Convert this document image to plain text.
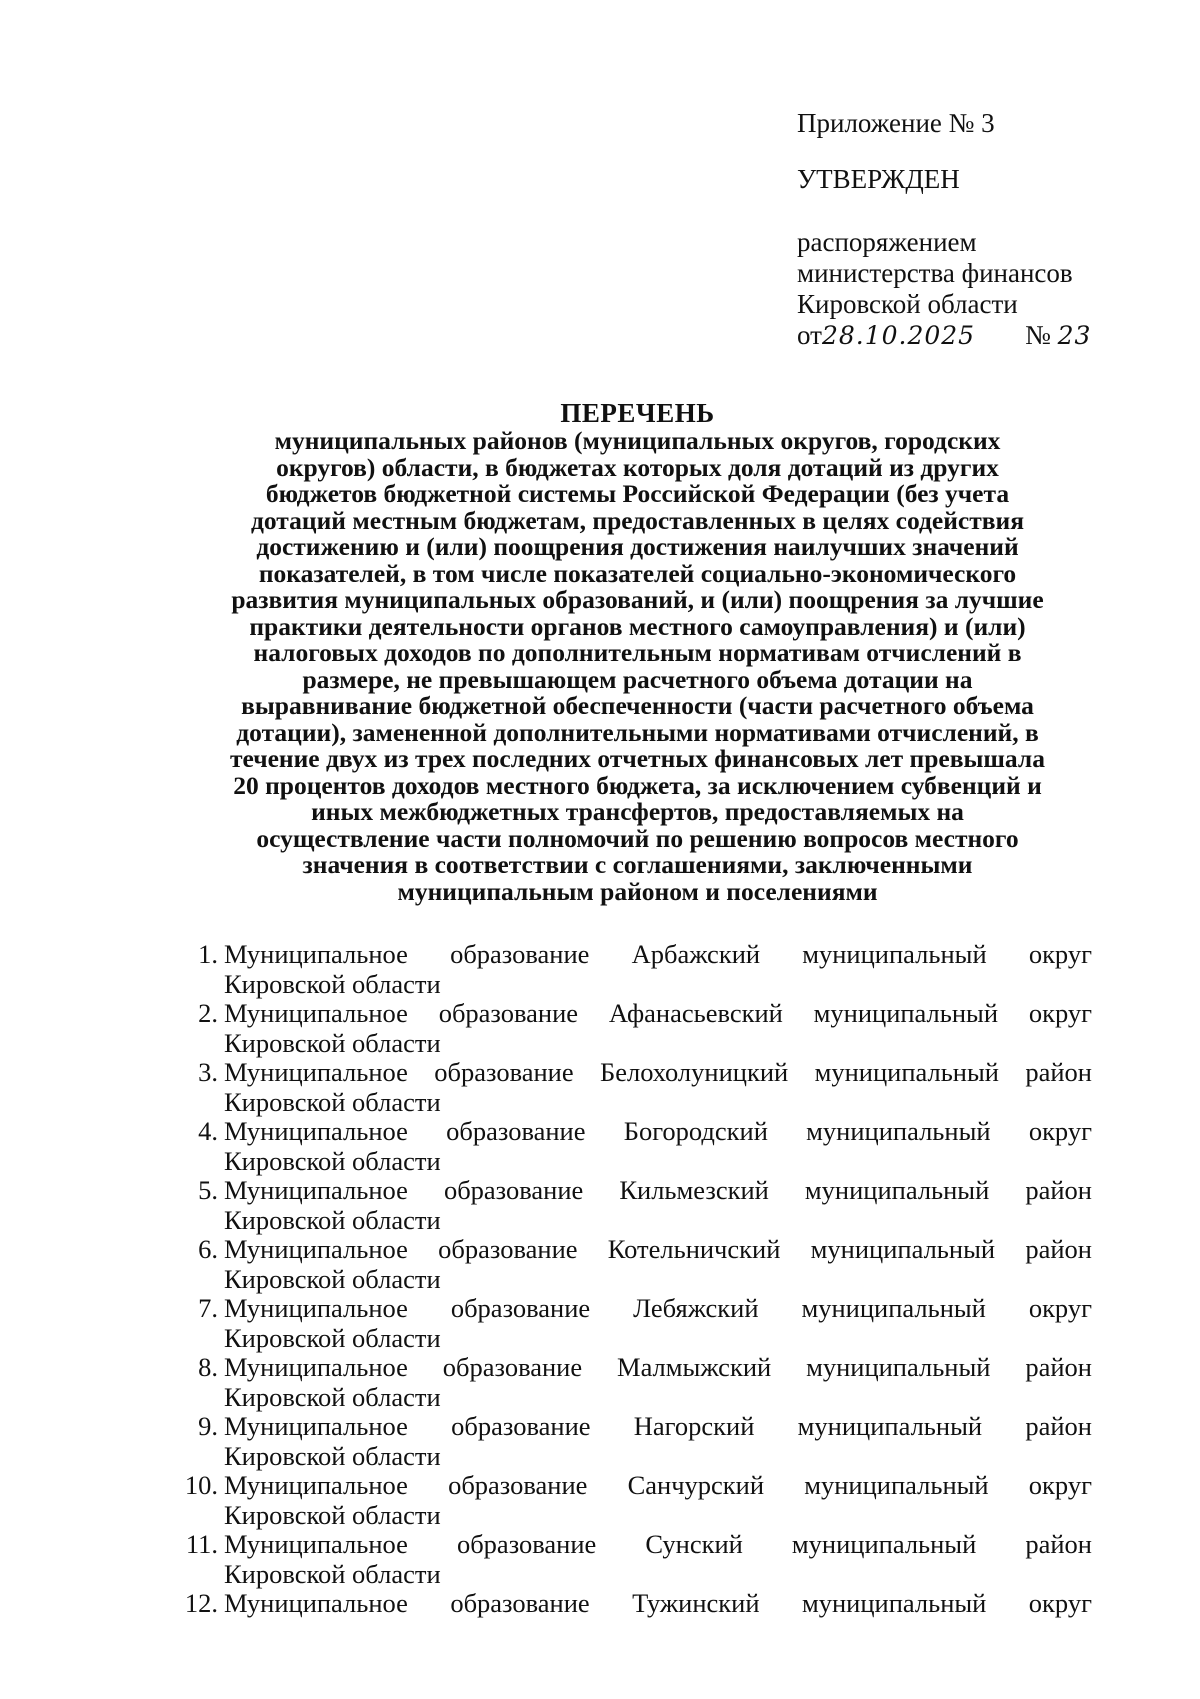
Приложение № 3
УТВЕРЖДЕН
распоряжением
министерства финансов
Кировской области
от28.10.2025 № 23
ПЕРЕЧЕНЬ
муниципальных районов (муниципальных округов, городских
округов) области, в бюджетах которых доля дотаций из других
бюджетов бюджетной системы Российской Федерации (без учета
дотаций местным бюджетам, предоставленных в целях содействия
достижению и (или) поощрения достижения наилучших значений
показателей, в том числе показателей социально-экономического
развития муниципальных образований, и (или) поощрения за лучшие
практики деятельности органов местного самоуправления) и (или)
налоговых доходов по дополнительным нормативам отчислений в
размере, не превышающем расчетного объема дотации на
выравнивание бюджетной обеспеченности (части расчетного объема
дотации), замененной дополнительными нормативами отчислений, в
течение двух из трех последних отчетных финансовых лет превышала
20 процентов доходов местного бюджета, за исключением субвенций и
иных межбюджетных трансфертов, предоставляемых на
осуществление части полномочий по решению вопросов местного
значения в соответствии с соглашениями, заключенными
муниципальным районом и поселениями
1. Муниципальное образование Арбажский муниципальный округ
Кировской области
2. Муниципальное образование Афанасьевский муниципальный округ
Кировской области
3. Муниципальное образование Белохолуницкий муниципальный район
Кировской области
4. Муниципальное образование Богородский муниципальный округ
Кировской области
5. Муниципальное образование Кильмезский муниципальный район
Кировской области
6. Муниципальное образование Котельничский муниципальный район
Кировской области
7. Муниципальное образование Лебяжский муниципальный округ
Кировской области
8. Муниципальное образование Малмыжский муниципальный район
Кировской области
9. Муниципальное образование Нагорский муниципальный район
Кировской области
10. Муниципальное образование Санчурский муниципальный округ
Кировской области
11. Муниципальное образование Сунский муниципальный район
Кировской области
12. Муниципальное образование Тужинский муниципальный округ
